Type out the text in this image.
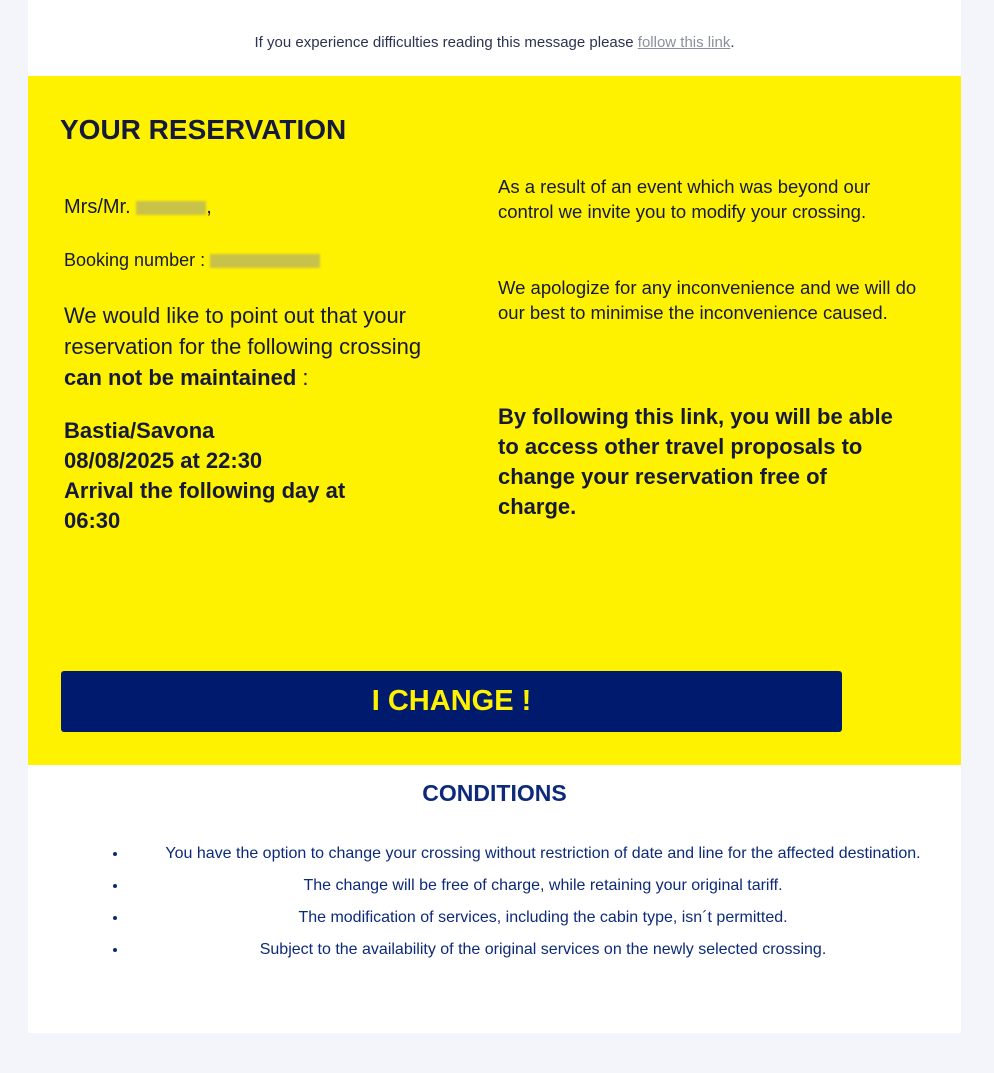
If you experience difficulties reading this message please follow this link.
YOUR RESERVATION
Mrs/Mr.	,
Booking number :
We would like to point out that your reservation for the following crossing can not be maintained :
Bastia/Savona
08/08/2025 at 22:30
Arrival the following day at 06:30
As a result of an event which was beyond our control we invite you to modify your crossing.
We apologize for any inconvenience and we will do our best to minimise the inconvenience caused.
By following this link, you will be able to access other travel proposals to change your reservation free of charge.
I CHANGE !
CONDITIONS
• You have the option to change your crossing without restriction of date and line for the affected destination.
• The change will be free of charge, while retaining your original tariff.
• The modification of services, including the cabin type, isn´t permitted.
• Subject to the availability of the original services on the newly selected crossing.
